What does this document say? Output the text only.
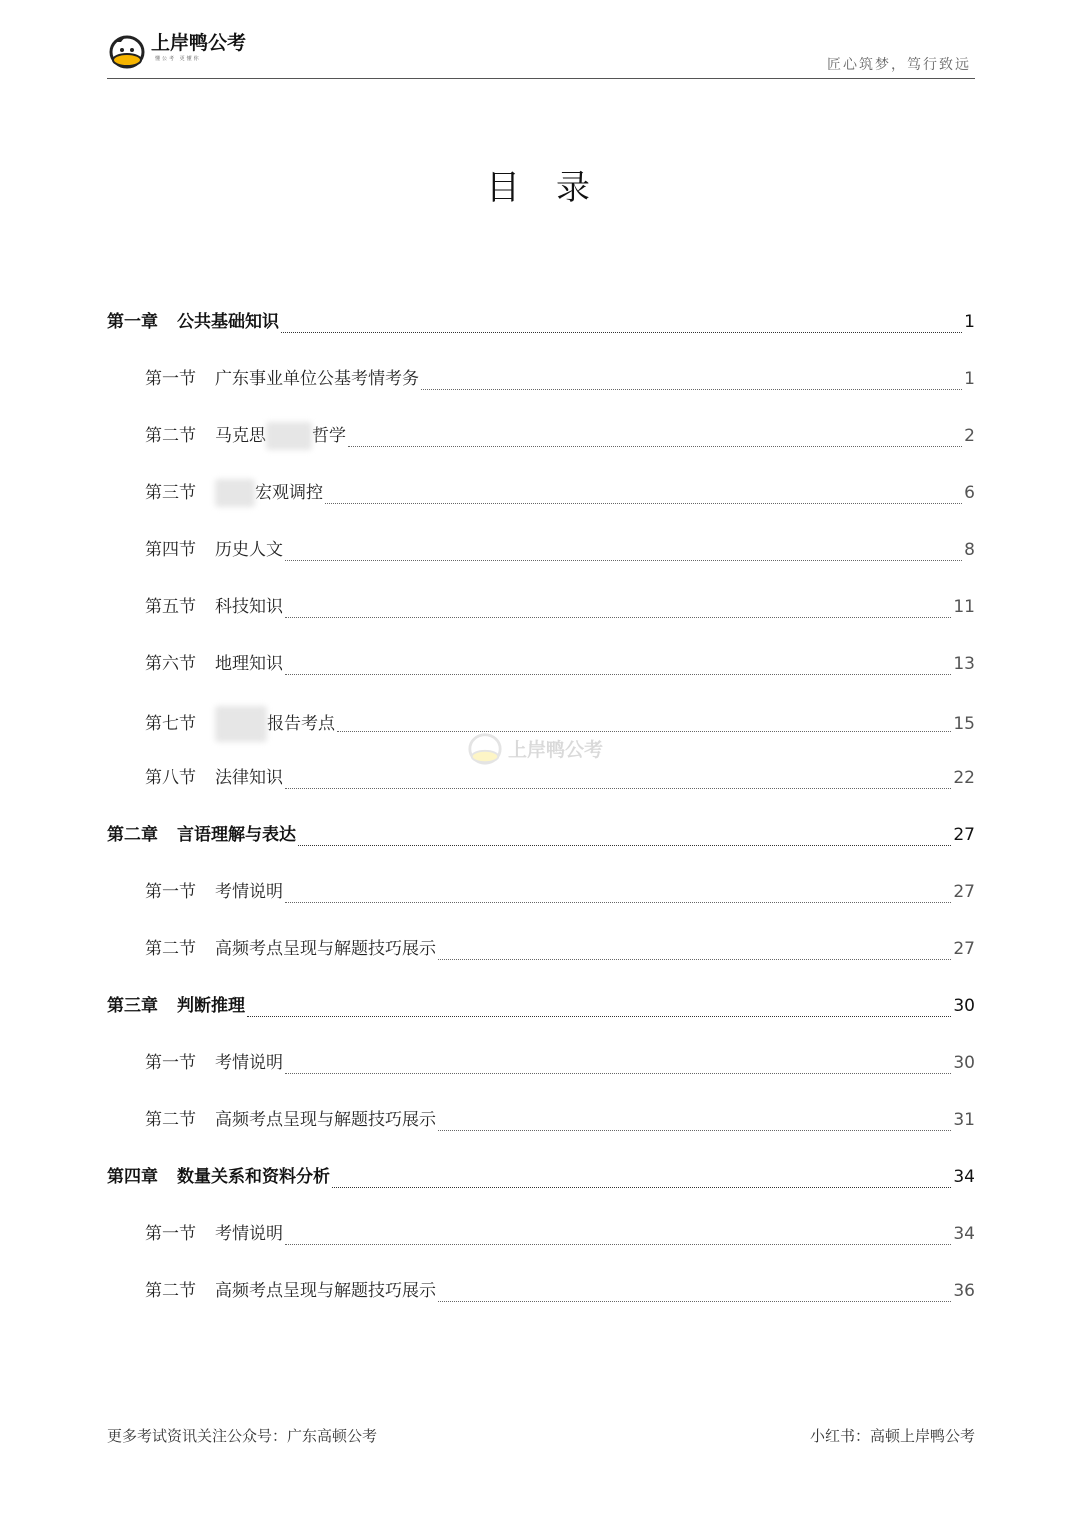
上岸鸭公考
懂公考 更懂你	匠心筑梦，笃行致远
目录
第一章 公共基础知识	1
第一节 广东事业单位公基考情考务	1
第二节 马克思	哲学	2
第三节	宏观调控	6
第四节 历史人文	8
第五节 科技知识	11
第六节 地理知识	13
第七节	报告考点	15
第八节 法律知识	22
第二章 言语理解与表达	27
第一节 考情说明	27
第二节 高频考点呈现与解题技巧展示	27
第三章 判断推理	30
第一节 考情说明	30
第二节 高频考点呈现与解题技巧展示	31
第四章 数量关系和资料分析	34
第一节 考情说明	34
第二节 高频考点呈现与解题技巧展示	36
上岸鸭公考
更多考试资讯关注公众号：广东高顿公考	小红书：高顿上岸鸭公考
